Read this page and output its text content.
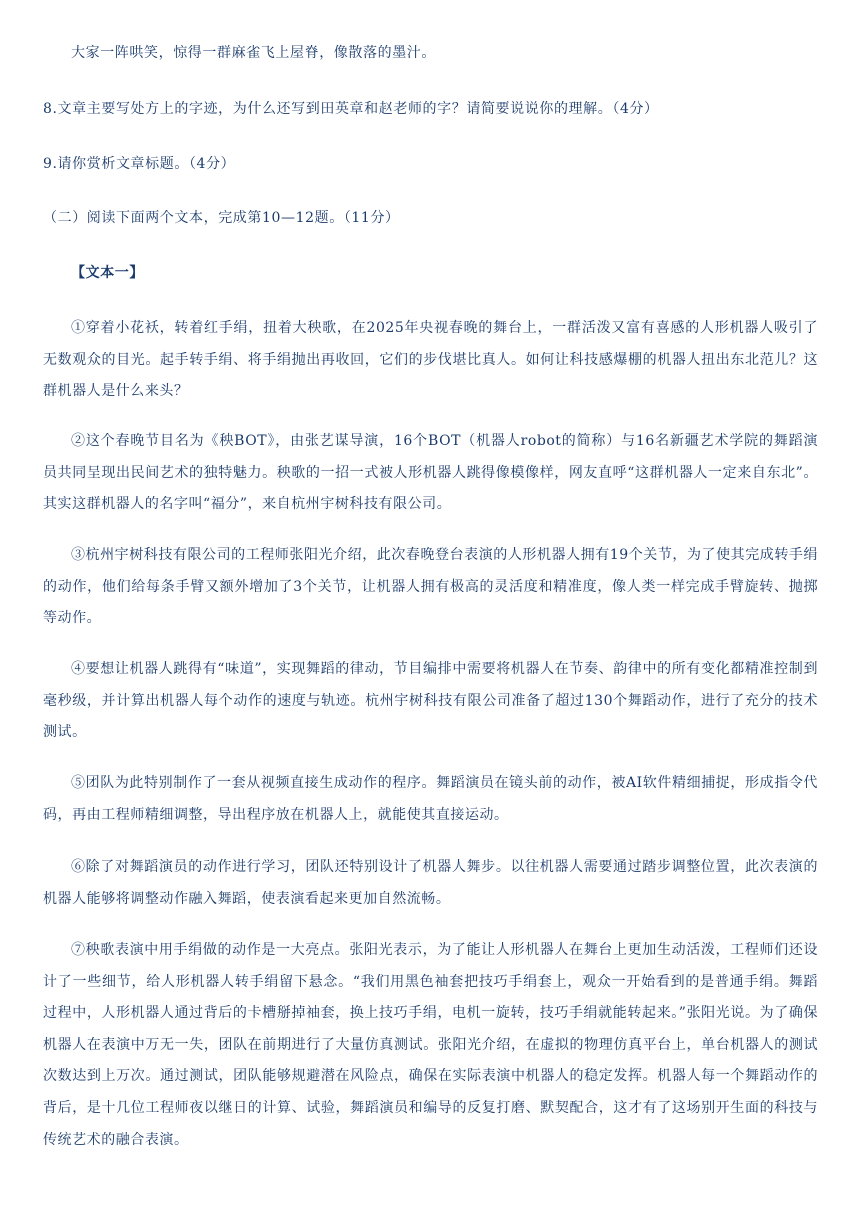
大家一阵哄笑，惊得一群麻雀飞上屋脊，像散落的墨汁。
8.文章主要写处方上的字迹，为什么还写到田英章和赵老师的字？请简要说说你的理解。（4分）
9.请你赏析文章标题。（4分）
（二）阅读下面两个文本，完成第10—12题。（11分）
【文本一】
①穿着小花袄，转着红手绢，扭着大秧歌，在2025年央视春晚的舞台上，一群活泼又富有喜感的人形机器人吸引了无数观众的目光。起手转手绢、将手绢抛出再收回，它们的步伐堪比真人。如何让科技感爆棚的机器人扭出东北范儿？这群机器人是什么来头？
②这个春晚节目名为《秧BOT》，由张艺谋导演，16个BOT（机器人robot的简称）与16名新疆艺术学院的舞蹈演员共同呈现出民间艺术的独特魅力。秧歌的一招一式被人形机器人跳得像模像样，网友直呼“这群机器人一定来自东北”。其实这群机器人的名字叫“福分”，来自杭州宇树科技有限公司。
③杭州宇树科技有限公司的工程师张阳光介绍，此次春晚登台表演的人形机器人拥有19个关节，为了使其完成转手绢的动作，他们给每条手臂又额外增加了3个关节，让机器人拥有极高的灵活度和精准度，像人类一样完成手臂旋转、抛掷等动作。
④要想让机器人跳得有“味道”，实现舞蹈的律动，节目编排中需要将机器人在节奏、韵律中的所有变化都精准控制到毫秒级，并计算出机器人每个动作的速度与轨迹。杭州宇树科技有限公司准备了超过130个舞蹈动作，进行了充分的技术测试。
⑤团队为此特别制作了一套从视频直接生成动作的程序。舞蹈演员在镜头前的动作，被AI软件精细捕捉，形成指令代码，再由工程师精细调整，导出程序放在机器人上，就能使其直接运动。
⑥除了对舞蹈演员的动作进行学习，团队还特别设计了机器人舞步。以往机器人需要通过踏步调整位置，此次表演的机器人能够将调整动作融入舞蹈，使表演看起来更加自然流畅。
⑦秧歌表演中用手绢做的动作是一大亮点。张阳光表示，为了能让人形机器人在舞台上更加生动活泼，工程师们还设计了一些细节，给人形机器人转手绢留下悬念。“我们用黑色袖套把技巧手绢套上，观众一开始看到的是普通手绢。舞蹈过程中，人形机器人通过背后的卡槽掰掉袖套，换上技巧手绢，电机一旋转，技巧手绢就能转起来。”张阳光说。为了确保机器人在表演中万无一失，团队在前期进行了大量仿真测试。张阳光介绍，在虚拟的物理仿真平台上，单台机器人的测试次数达到上万次。通过测试，团队能够规避潜在风险点，确保在实际表演中机器人的稳定发挥。机器人每一个舞蹈动作的背后，是十几位工程师夜以继日的计算、试验，舞蹈演员和编导的反复打磨、默契配合，这才有了这场别开生面的科技与传统艺术的融合表演。
